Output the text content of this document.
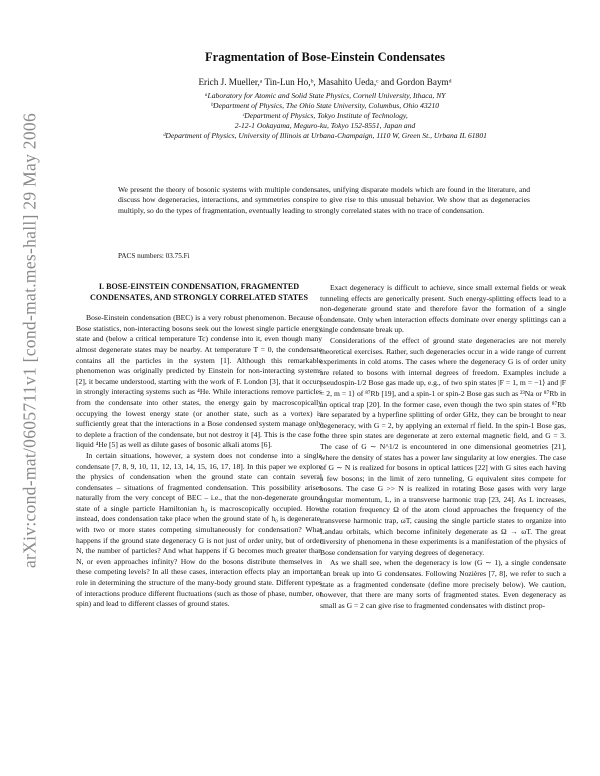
arXiv:cond-mat/0605711v1 [cond-mat.mes-hall] 29 May 2006
Fragmentation of Bose-Einstein Condensates
Erich J. Mueller,ᵃ Tin-Lun Ho,ᵇ, Masahito Ueda,ᶜ and Gordon Baymᵈ
ᵃLaboratory for Atomic and Solid State Physics, Cornell University, Ithaca, NY
ᵇDepartment of Physics, The Ohio State University, Columbus, Ohio 43210
ᶜDepartment of Physics, Tokyo Institute of Technology,
2-12-1 Ookayama, Meguro-ku, Tokyo 152-8551, Japan and
ᵈDepartment of Physics, University of Illinois at Urbana-Champaign, 1110 W, Green St., Urbana IL 61801
We present the theory of bosonic systems with multiple condensates, unifying disparate models which are found in the literature, and discuss how degeneracies, interactions, and symmetries conspire to give rise to this unusual behavior. We show that as degeneracies multiply, so do the types of fragmentation, eventually leading to strongly correlated states with no trace of condensation.
PACS numbers: 03.75.Fi
I. BOSE-EINSTEIN CONDENSATION, FRAGMENTED CONDENSATES, AND STRONGLY CORRELATED STATES

Bose-Einstein condensation (BEC) is a very robust phenomenon. Because of Bose statistics, non-interacting bosons seek out the lowest single particle energy state and (below a critical temperature Tc) condense into it, even though many almost degenerate states may be nearby. At temperature T = 0, the condensate contains all the particles in the system [1]. Although this remarkable phenomenon was originally predicted by Einstein for non-interacting systems [2], it became understood, starting with the work of F. London [3], that it occurs in strongly interacting systems such as ⁴He. While interactions remove particles from the condensate into other states, the energy gain by macroscopically occupying the lowest energy state (or another state, such as a vortex) is sufficiently great that the interactions in a Bose condensed system manage only to deplete a fraction of the condensate, but not destroy it [4]. This is the case for liquid ⁴He [5] as well as dilute gases of bosonic alkali atoms [6].

In certain situations, however, a system does not condense into a single condensate [7, 8, 9, 10, 11, 12, 13, 14, 15, 16, 17, 18]. In this paper we explore the physics of condensation when the ground state can contain several condensates – situations of fragmented condensation. This possibility arises naturally from the very concept of BEC – i.e., that the non-degenerate ground state of a single particle Hamiltonian h₀ is macroscopically occupied. How, instead, does condensation take place when the ground state of h₀ is degenerate, with two or more states competing simultaneously for condensation? What happens if the ground state degeneracy G is not just of order unity, but of order N, the number of particles? And what happens if G becomes much greater than N, or even approaches infinity? How do the bosons distribute themselves in these competing levels? In all these cases, interaction effects play an important role in determining the structure of the many-body ground state. Different types of interactions produce different fluctuations (such as those of phase, number, or spin) and lead to different classes of ground states.

Exact degeneracy is difficult to achieve, since small external fields or weak tunneling effects are generically present. Such energy-splitting effects lead to a non-degenerate ground state and therefore favor the formation of a single condensate. Only when interaction effects dominate over energy splittings can a single condensate break up.

Considerations of the effect of ground state degeneracies are not merely theoretical exercises. Rather, such degeneracies occur in a wide range of current experiments in cold atoms. The cases where the degeneracy G is of order unity are related to bosons with internal degrees of freedom. Examples include a pseudospin-1/2 Bose gas made up, e.g., of two spin states |F = 1, m = −1⟩ and |F = 2, m = 1⟩ of ⁸⁷Rb [19], and a spin-1 or spin-2 Bose gas such as ²³Na or ⁸⁷Rb in an optical trap [20]. In the former case, even though the two spin states of ⁸⁷Rb are separated by a hyperfine splitting of order GHz, they can be brought to near degeneracy, with G = 2, by applying an external rf field. In the spin-1 Bose gas, the three spin states are degenerate at zero external magnetic field, and G = 3. The case of G ∼ N^1/2 is encountered in one dimensional geometries [21], where the density of states has a power law singularity at low energies. The case of G ∼ N is realized for bosons in optical lattices [22] with G sites each having a few bosons; in the limit of zero tunneling, G equivalent sites compete for bosons. The case G >> N is realized in rotating Bose gases with very large angular momentum, L, in a transverse harmonic trap [23, 24]. As L increases, the rotation frequency Ω of the atom cloud approaches the frequency of the transverse harmonic trap, ωT, causing the single particle states to organize into Landau orbitals, which become infinitely degenerate as Ω → ωT. The great diversity of phenomena in these experiments is a manifestation of the physics of Bose condensation for varying degrees of degeneracy.

As we shall see, when the degeneracy is low (G ∼ 1), a single condensate can break up into G condensates. Following Nozières [7, 8], we refer to such a state as a fragmented condensate (define more precisely below). We caution, however, that there are many sorts of fragmented states. Even degeneracy as small as G = 2 can give rise to fragmented condensates with distinct prop-
